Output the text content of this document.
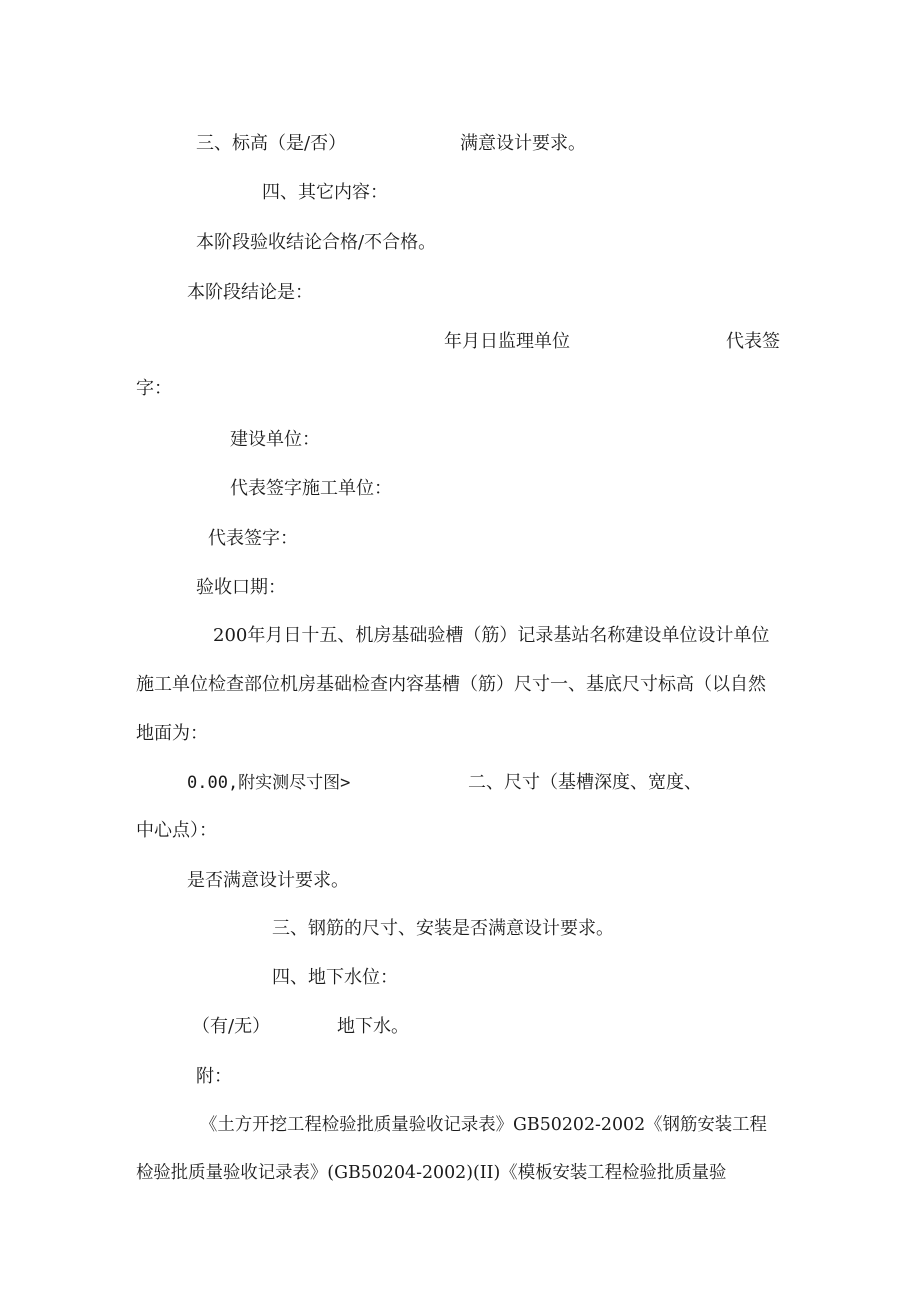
三、标高（是/否）	满意设计要求。
四、其它内容：
本阶段验收结论合格/不合格。
本阶段结论是：
年月日监理单位	代表签
字：
建设单位：
代表签字施工单位：
代表签字：
验收口期：
200年月日十五、机房基础验槽（筋）记录基站名称建设单位设计单位
施工单位检查部位机房基础检查内容基槽（筋）尺寸一、基底尺寸标高（以自然
地面为：
0.00,附实测尽寸图>	二、尺寸（基槽深度、宽度、
中心点）：
是否满意设计要求。
三、钢筋的尺寸、安装是否满意设计要求。
四、地下水位：
（有/无）	地下水。
附：
《土方开挖工程检验批质量验收记录表》GB50202-2002《钢筋安装工程
检验批质量验收记录表》(GB50204-2002)(II)《模板安装工程检验批质量验
